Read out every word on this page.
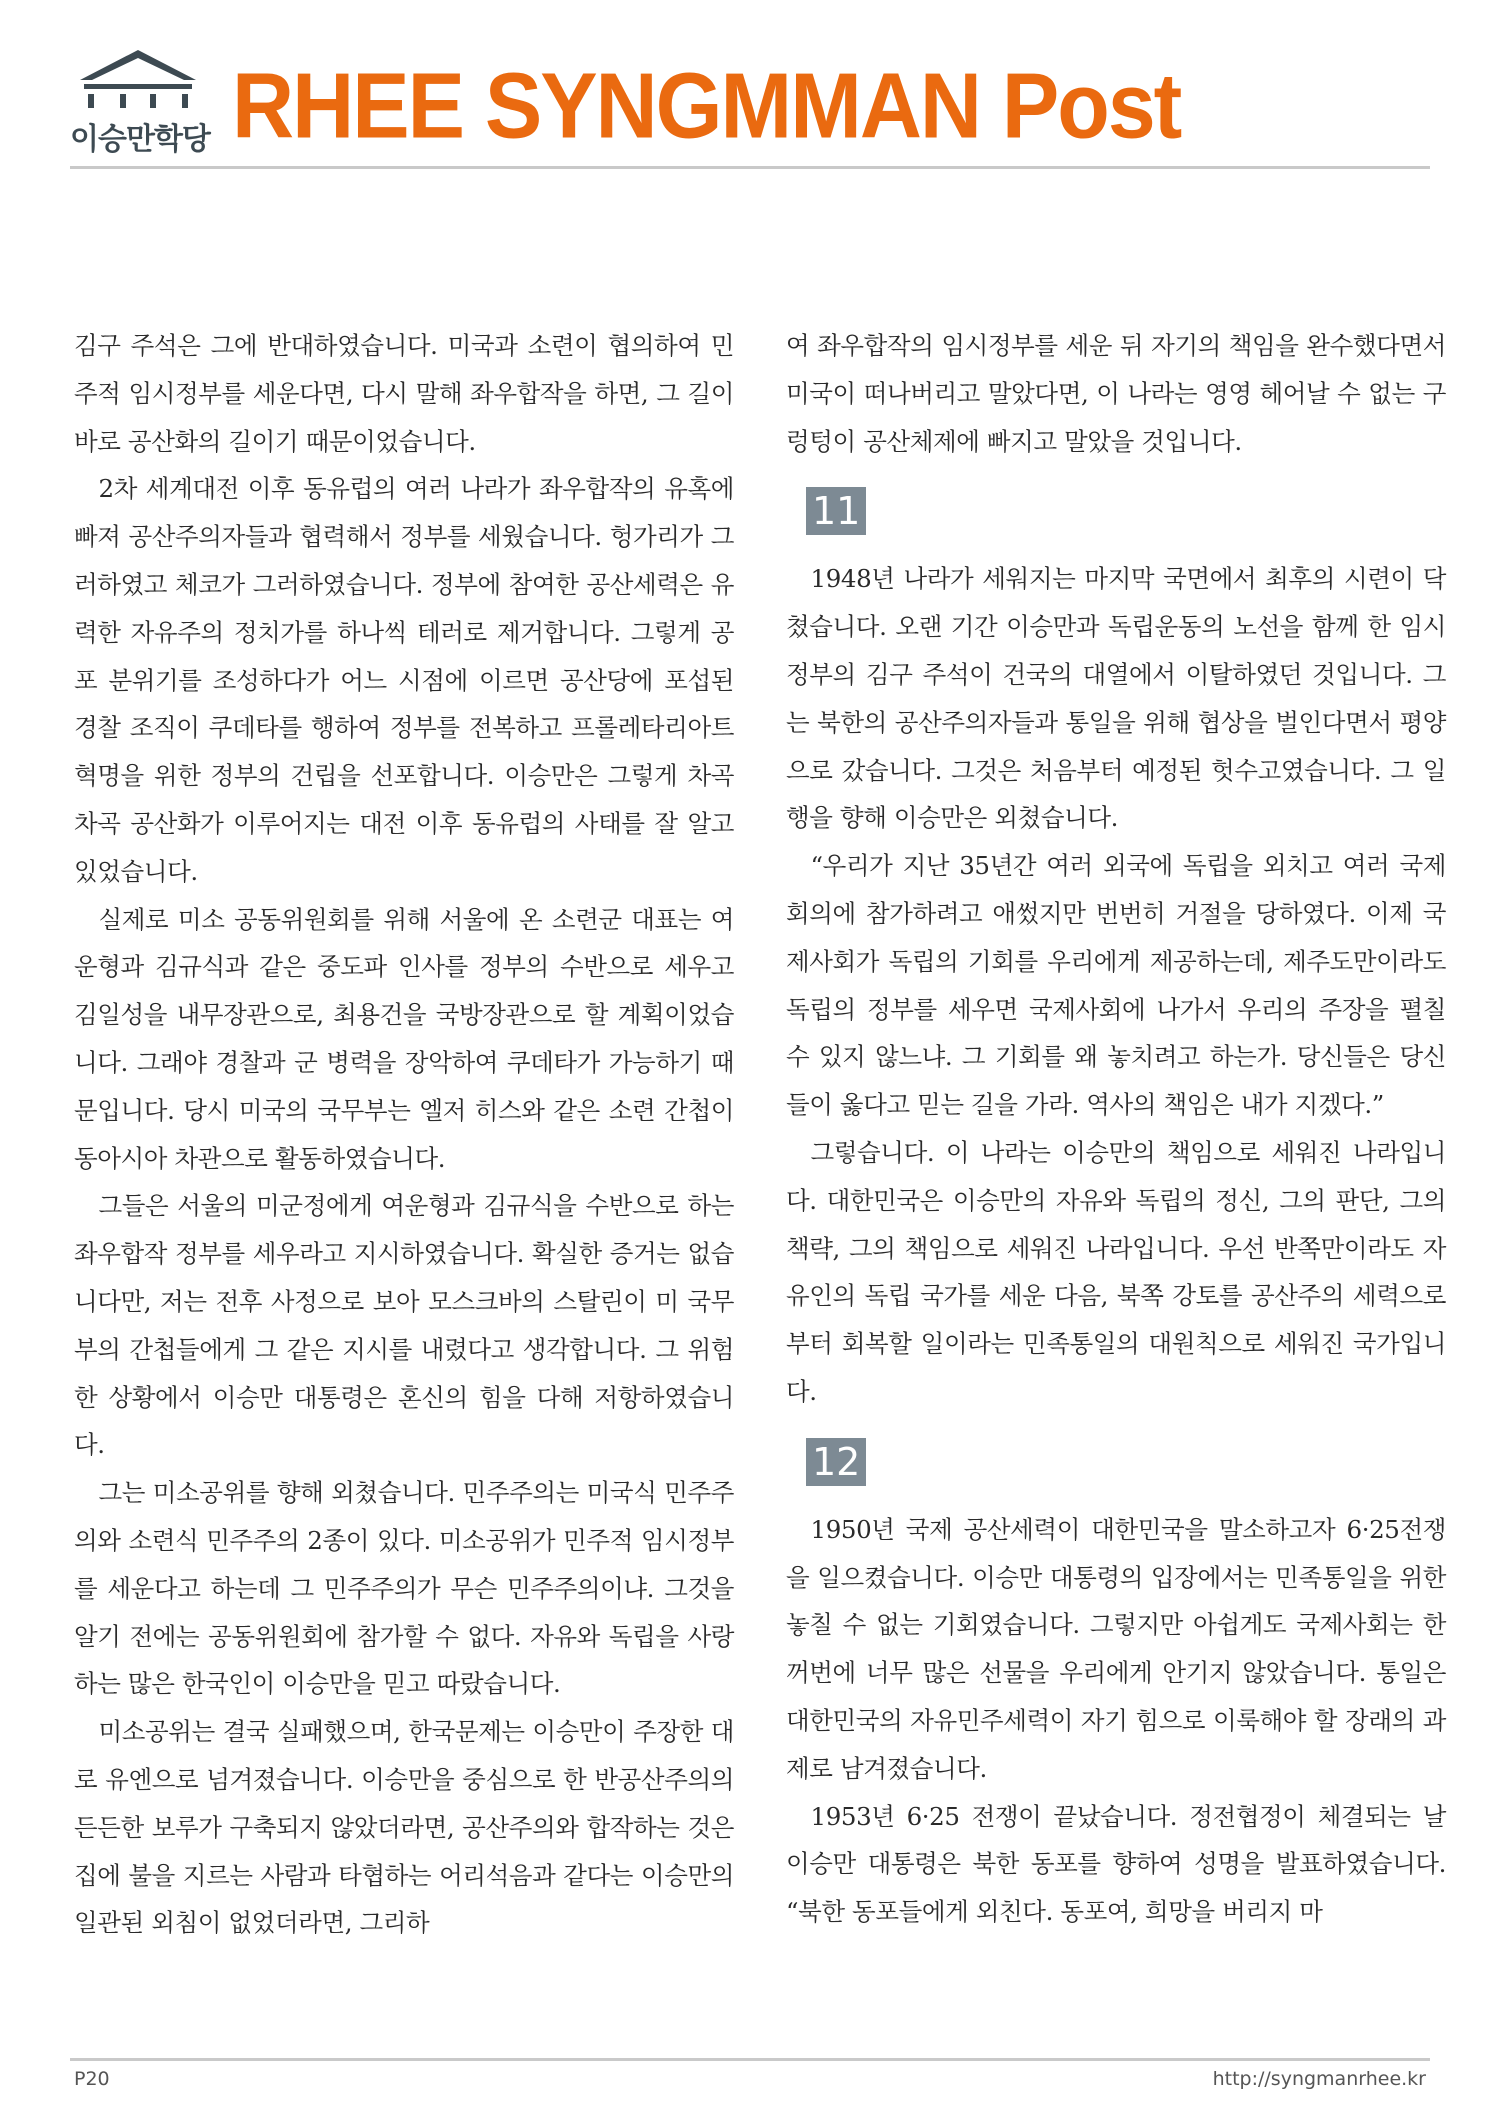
이승만학당 RHEE SYNGMMAN Post

김구 주석은 그에 반대하였습니다. 미국과 소련이 협의하여 민주적 임시정부를 세운다면, 다시 말해 좌우합작을 하면, 그 길이 바로 공산화의 길이기 때문이었습니다.

2차 세계대전 이후 동유럽의 여러 나라가 좌우합작의 유혹에 빠져 공산주의자들과 협력해서 정부를 세웠습니다. 헝가리가 그러하였고 체코가 그러하였습니다. 정부에 참여한 공산세력은 유력한 자유주의 정치가를 하나씩 테러로 제거합니다. 그렇게 공포 분위기를 조성하다가 어느 시점에 이르면 공산당에 포섭된 경찰 조직이 쿠데타를 행하여 정부를 전복하고 프롤레타리아트 혁명을 위한 정부의 건립을 선포합니다. 이승만은 그렇게 차곡차곡 공산화가 이루어지는 대전 이후 동유럽의 사태를 잘 알고 있었습니다.

실제로 미소 공동위원회를 위해 서울에 온 소련군 대표는 여운형과 김규식과 같은 중도파 인사를 정부의 수반으로 세우고 김일성을 내무장관으로, 최용건을 국방장관으로 할 계획이었습니다. 그래야 경찰과 군 병력을 장악하여 쿠데타가 가능하기 때문입니다. 당시 미국의 국무부는 엘저 히스와 같은 소련 간첩이 동아시아 차관으로 활동하였습니다.

그들은 서울의 미군정에게 여운형과 김규식을 수반으로 하는 좌우합작 정부를 세우라고 지시하였습니다. 확실한 증거는 없습니다만, 저는 전후 사정으로 보아 모스크바의 스탈린이 미 국무부의 간첩들에게 그 같은 지시를 내렸다고 생각합니다. 그 위험한 상황에서 이승만 대통령은 혼신의 힘을 다해 저항하였습니다.

그는 미소공위를 향해 외쳤습니다. 민주주의는 미국식 민주주의와 소련식 민주주의 2종이 있다. 미소공위가 민주적 임시정부를 세운다고 하는데 그 민주주의가 무슨 민주주의이냐. 그것을 알기 전에는 공동위원회에 참가할 수 없다. 자유와 독립을 사랑하는 많은 한국인이 이승만을 믿고 따랐습니다.

미소공위는 결국 실패했으며, 한국문제는 이승만이 주장한 대로 유엔으로 넘겨졌습니다. 이승만을 중심으로 한 반공산주의의 든든한 보루가 구축되지 않았더라면, 공산주의와 합작하는 것은 집에 불을 지르는 사람과 타협하는 어리석음과 같다는 이승만의 일관된 외침이 없었더라면, 그리하

여 좌우합작의 임시정부를 세운 뒤 자기의 책임을 완수했다면서 미국이 떠나버리고 말았다면, 이 나라는 영영 헤어날 수 없는 구렁텅이 공산체제에 빠지고 말았을 것입니다.

11

1948년 나라가 세워지는 마지막 국면에서 최후의 시련이 닥쳤습니다. 오랜 기간 이승만과 독립운동의 노선을 함께 한 임시정부의 김구 주석이 건국의 대열에서 이탈하였던 것입니다. 그는 북한의 공산주의자들과 통일을 위해 협상을 벌인다면서 평양으로 갔습니다. 그것은 처음부터 예정된 헛수고였습니다. 그 일행을 향해 이승만은 외쳤습니다.

“우리가 지난 35년간 여러 외국에 독립을 외치고 여러 국제회의에 참가하려고 애썼지만 번번히 거절을 당하였다. 이제 국제사회가 독립의 기회를 우리에게 제공하는데, 제주도만이라도 독립의 정부를 세우면 국제사회에 나가서 우리의 주장을 펼칠 수 있지 않느냐. 그 기회를 왜 놓치려고 하는가. 당신들은 당신들이 옳다고 믿는 길을 가라. 역사의 책임은 내가 지겠다.”

그렇습니다. 이 나라는 이승만의 책임으로 세워진 나라입니다. 대한민국은 이승만의 자유와 독립의 정신, 그의 판단, 그의 책략, 그의 책임으로 세워진 나라입니다. 우선 반쪽만이라도 자유인의 독립 국가를 세운 다음, 북쪽 강토를 공산주의 세력으로부터 회복할 일이라는 민족통일의 대원칙으로 세워진 국가입니다.

12

1950년 국제 공산세력이 대한민국을 말소하고자 6·25전쟁을 일으켰습니다. 이승만 대통령의 입장에서는 민족통일을 위한 놓칠 수 없는 기회였습니다. 그렇지만 아쉽게도 국제사회는 한꺼번에 너무 많은 선물을 우리에게 안기지 않았습니다. 통일은 대한민국의 자유민주세력이 자기 힘으로 이룩해야 할 장래의 과제로 남겨졌습니다.

1953년 6·25 전쟁이 끝났습니다. 정전협정이 체결되는 날 이승만 대통령은 북한 동포를 향하여 성명을 발표하였습니다. “북한 동포들에게 외친다. 동포여, 희망을 버리지 마

P20	http://syngmanrhee.kr
